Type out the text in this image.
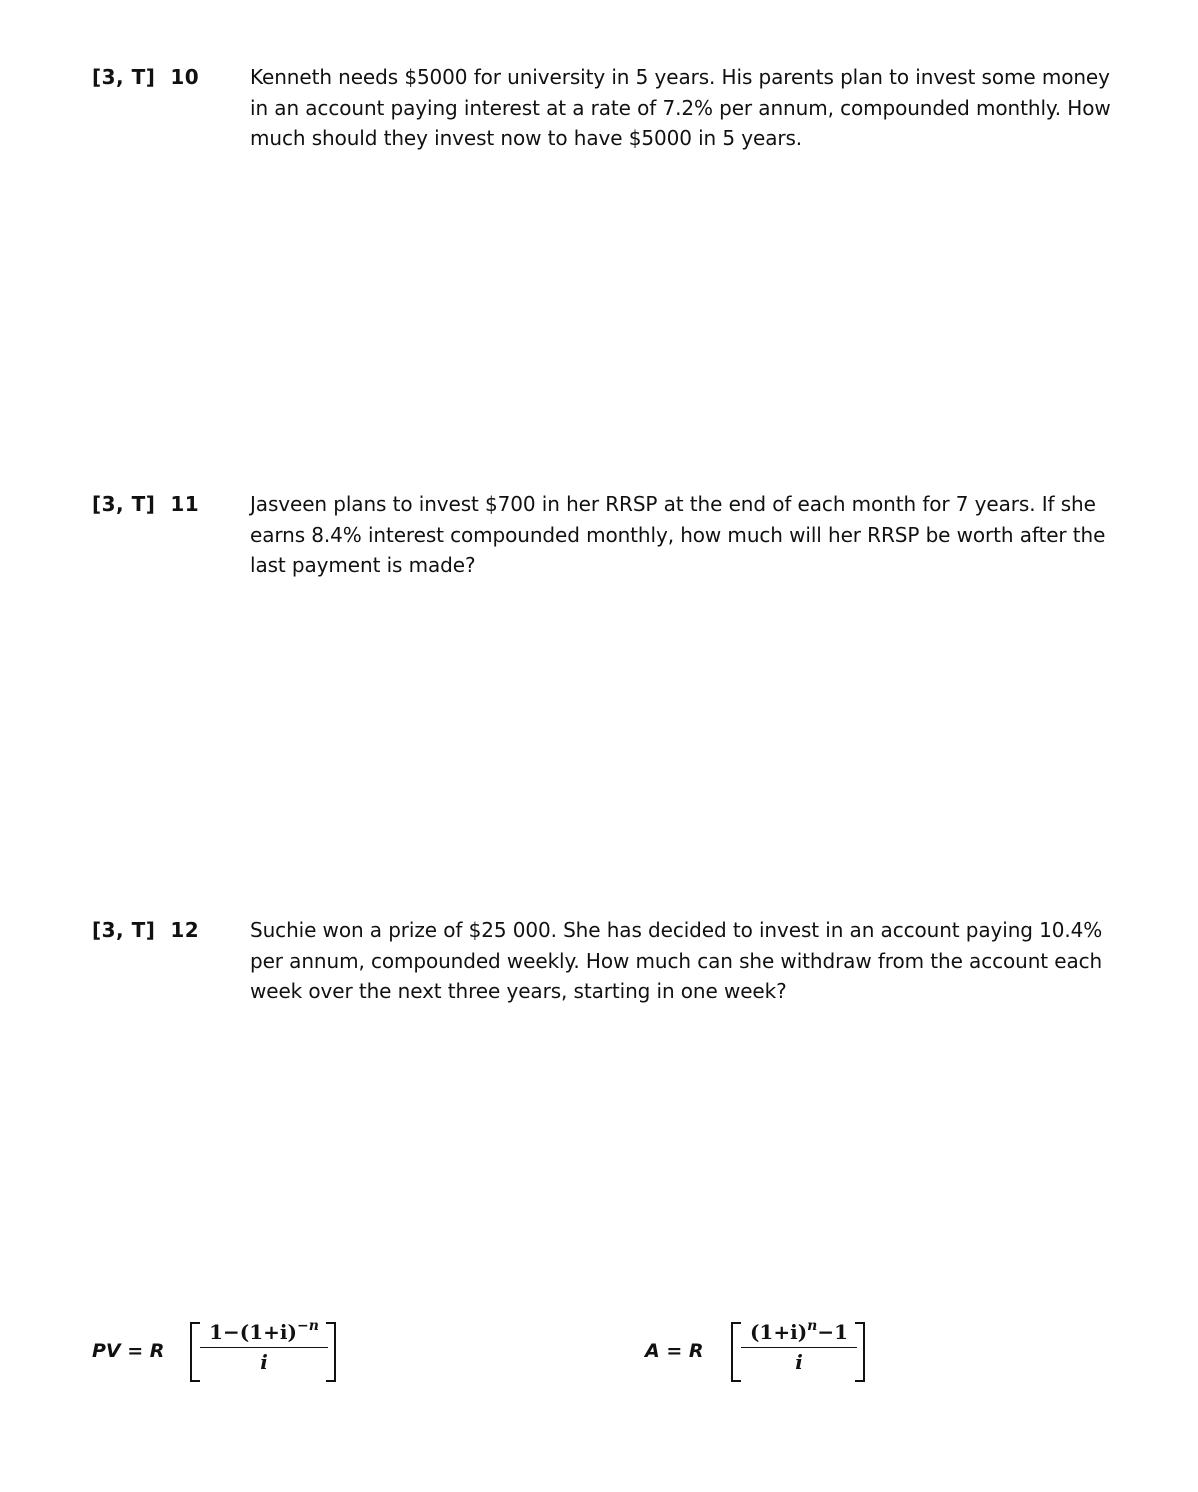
[3, T]  10	Kenneth needs $5000 for university in 5 years. His parents plan to invest some money in an account paying interest at a rate of 7.2% per annum, compounded monthly. How much should they invest now to have $5000 in 5 years.
[3, T]  11	Jasveen plans to invest $700 in her RRSP at the end of each month for 7 years. If she earns 8.4% interest compounded monthly, how much will her RRSP be worth after the last payment is made?
[3, T]  12	Suchie won a prize of $25 000. She has decided to invest in an account paying 10.4% per annum, compounded weekly. How much can she withdraw from the account each week over the next three years, starting in one week?
PV = R $\frac{1-(1+i)^{-n}}{i}$	A = R $\frac{(1+i)^n-1}{i}$
